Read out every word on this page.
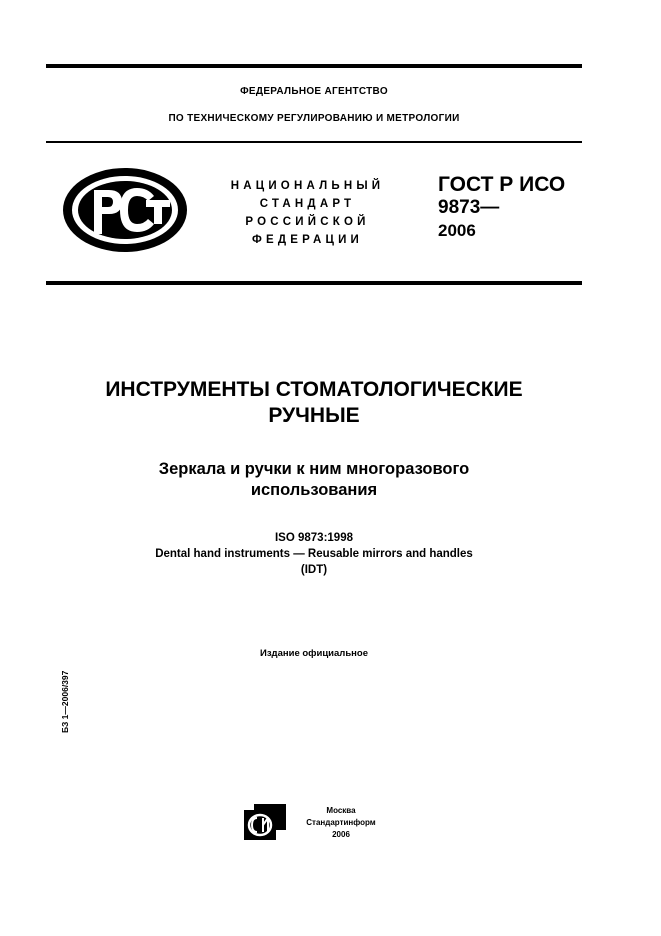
ФЕДЕРАЛЬНОЕ АГЕНТСТВО
ПО ТЕХНИЧЕСКОМУ РЕГУЛИРОВАНИЮ И МЕТРОЛОГИИ
НАЦИОНАЛЬНЫЙ
СТАНДАРТ
РОССИЙСКОЙ
ФЕДЕРАЦИИ
ГОСТ Р ИСО
9873—
2006
ИНСТРУМЕНТЫ СТОМАТОЛОГИЧЕСКИЕ
РУЧНЫЕ
Зеркала и ручки к ним многоразового
использования
ISO 9873:1998
Dental hand instruments — Reusable mirrors and handles
(IDT)
Издание официальное
БЗ 1—2006/397
Москва
Стандартинформ
2006
